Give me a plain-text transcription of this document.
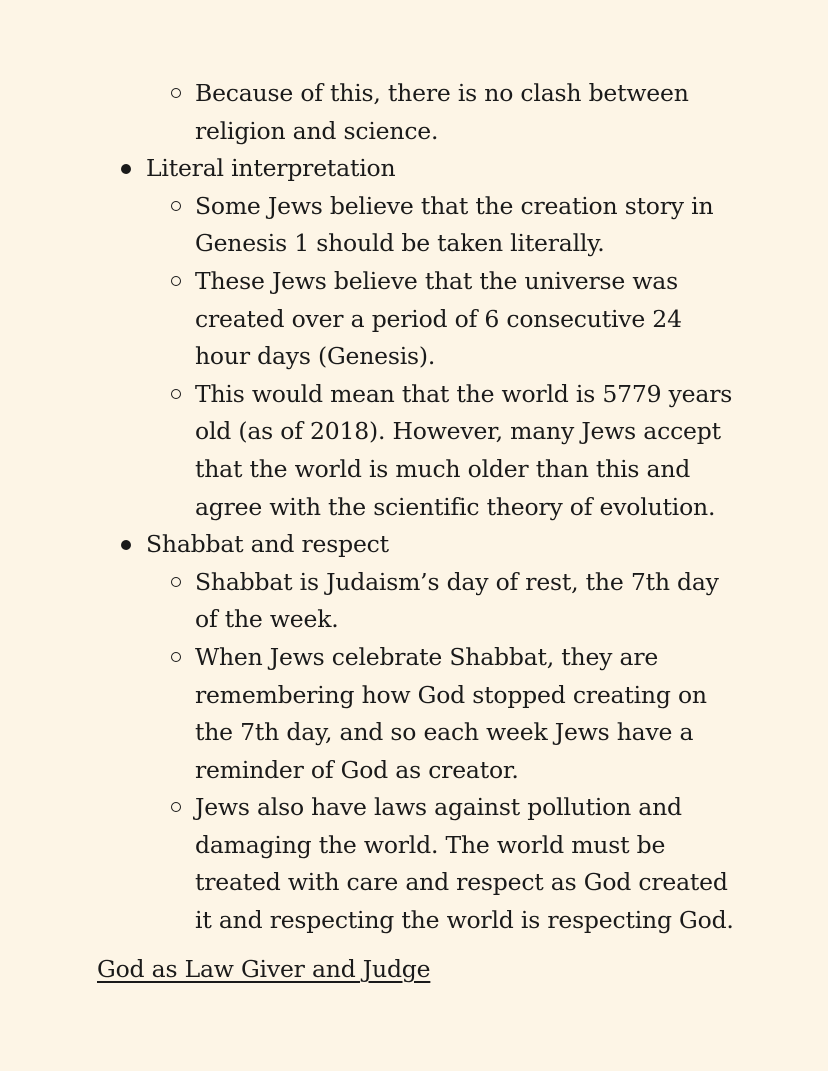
Because of this, there is no clash between religion and science.
Literal interpretation
Some Jews believe that the creation story in Genesis 1 should be taken literally.
These Jews believe that the universe was created over a period of 6 consecutive 24 hour days (Genesis).
This would mean that the world is 5779 years old (as of 2018). However, many Jews accept that the world is much older than this and agree with the scientific theory of evolution.
Shabbat and respect
Shabbat is Judaism’s day of rest, the 7th day of the week.
When Jews celebrate Shabbat, they are remembering how God stopped creating on the 7th day, and so each week Jews have a reminder of God as creator.
Jews also have laws against pollution and damaging the world. The world must be treated with care and respect as God created it and respecting the world is respecting God.
God as Law Giver and Judge
